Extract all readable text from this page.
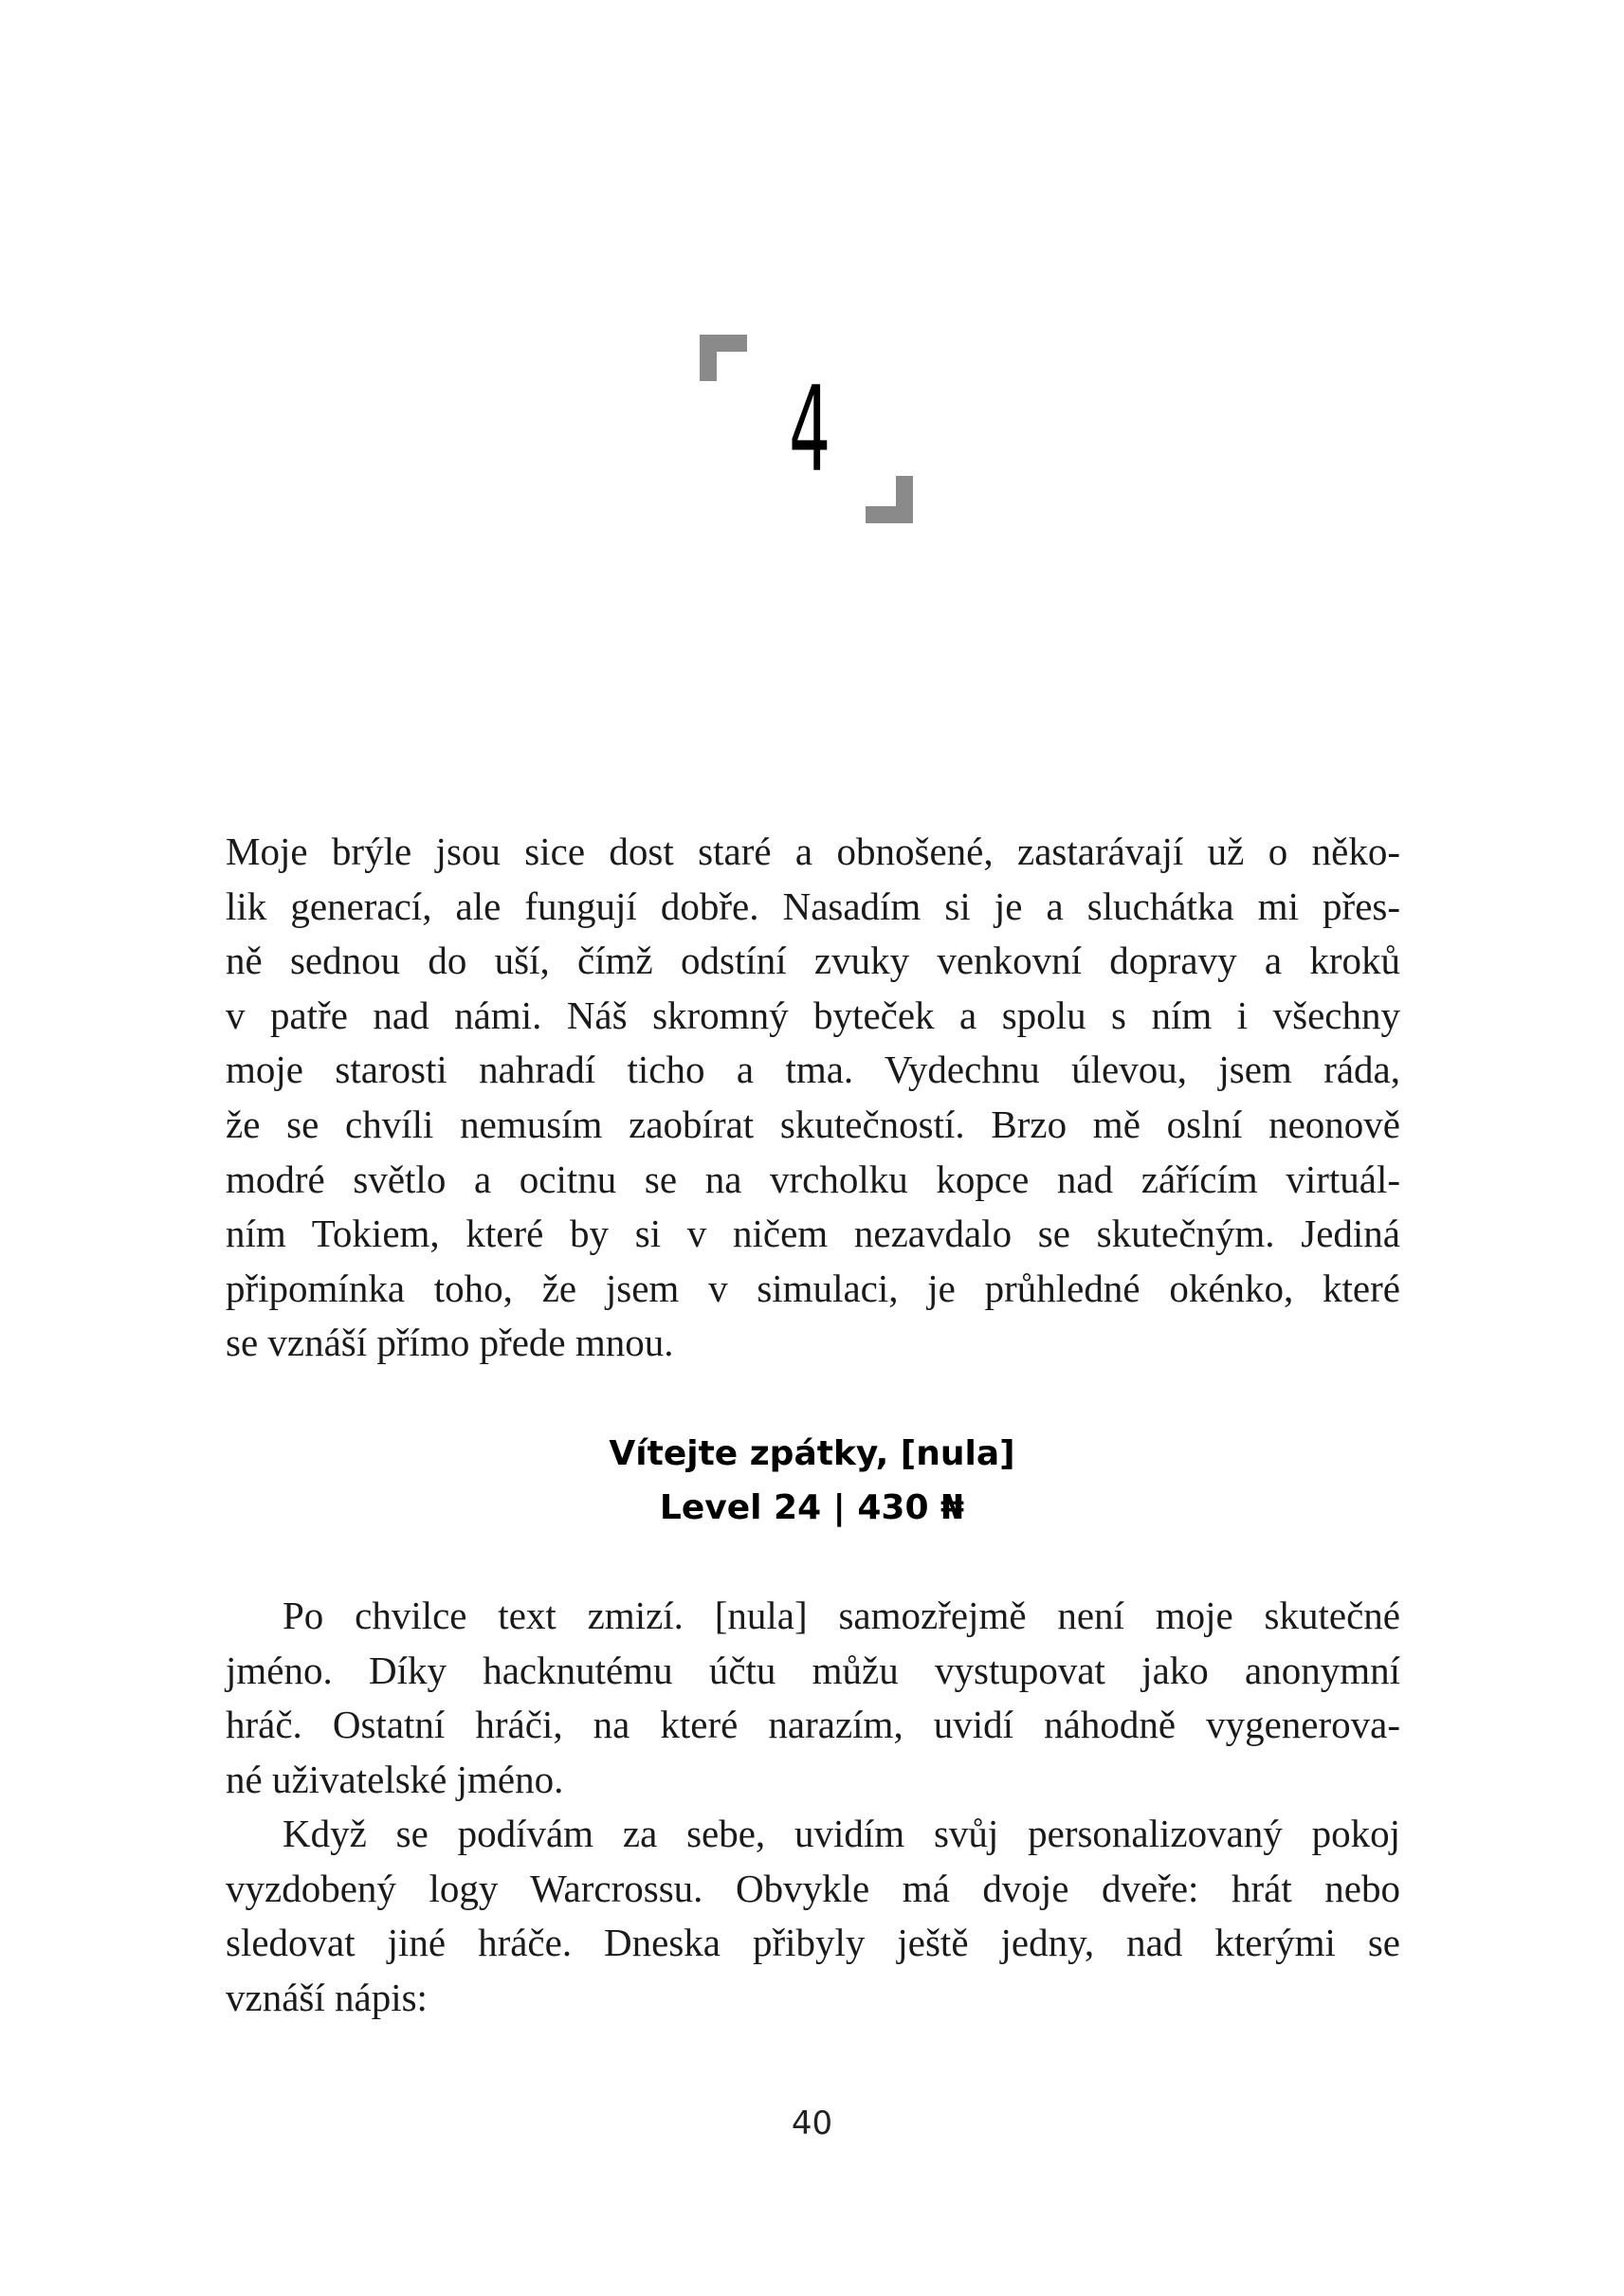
4
Moje brýle jsou sice dost staré a obnošené, zastarávají už o něko-
lik generací, ale fungují dobře. Nasadím si je a sluchátka mi přes-
ně sednou do uší, čímž odstíní zvuky venkovní dopravy a kroků
v patře nad námi. Náš skromný byteček a spolu s ním i všechny
moje starosti nahradí ticho a tma. Vydechnu úlevou, jsem ráda,
že se chvíli nemusím zaobírat skutečností. Brzo mě oslní neonově
modré světlo a ocitnu se na vrcholku kopce nad zářícím virtuál-
ním Tokiem, které by si v ničem nezavdalo se skutečným. Jediná
připomínka toho, že jsem v simulaci, je průhledné okénko, které
se vznáší přímo přede mnou.
Vítejte zpátky, [nula]
Level 24 | 430 ₦
Po chvilce text zmizí. [nula] samozřejmě není moje skutečné
jméno. Díky hacknutému účtu můžu vystupovat jako anonymní
hráč. Ostatní hráči, na které narazím, uvidí náhodně vygenerova-
né uživatelské jméno.
Když se podívám za sebe, uvidím svůj personalizovaný pokoj
vyzdobený logy Warcrossu. Obvykle má dvoje dveře: hrát nebo
sledovat jiné hráče. Dneska přibyly ještě jedny, nad kterými se
vznáší nápis:
40
